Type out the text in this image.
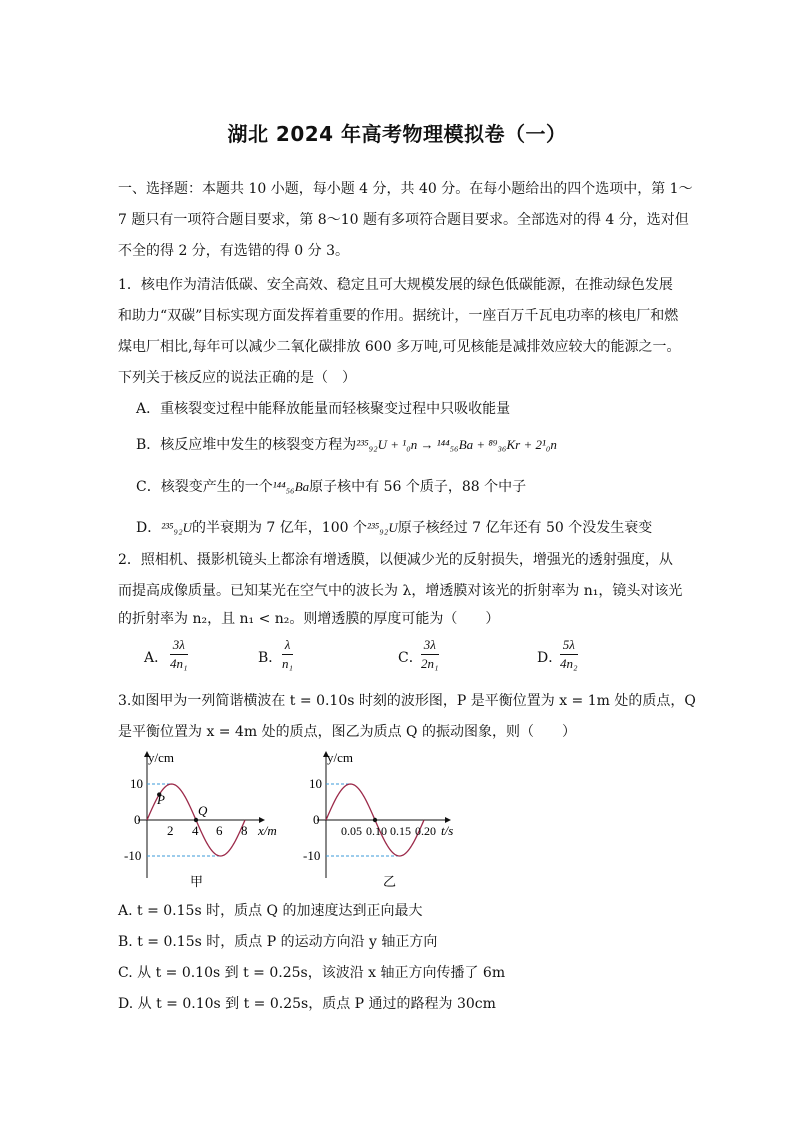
湖北 2024 年高考物理模拟卷（一）
一、选择题：本题共 10 小题，每小题 4 分，共 40 分。在每小题给出的四个选项中，第 1～
7 题只有一项符合题目要求，第 8～10 题有多项符合题目要求。全部选对的得 4 分，选对但
不全的得 2 分，有选错的得 0 分 3。
1．核电作为清洁低碳、安全高效、稳定且可大规模发展的绿色低碳能源，在推动绿色发展
和助力“双碳”目标实现方面发挥着重要的作用。据统计，一座百万千瓦电功率的核电厂和燃
煤电厂相比,每年可以减少二氧化碳排放 600 多万吨,可见核能是减排效应较大的能源之一。
下列关于核反应的说法正确的是（　）
A．重核裂变过程中能释放能量而轻核聚变过程中只吸收能量
B．核反应堆中发生的核裂变方程为²³⁵₉₂U + ¹₀n → ¹⁴⁴₅₆Ba + ⁸⁹₃₆Kr + 2¹₀n
C．核裂变产生的一个¹⁴⁴₅₆Ba原子核中有 56 个质子，88 个中子
D．²³⁵₉₂U的半衰期为 7 亿年，100 个²³⁵₉₂U原子核经过 7 亿年还有 50 个没发生衰变
2．照相机、摄影机镜头上都涂有增透膜，以便减少光的反射损失，增强光的透射强度，从
而提高成像质量。已知某光在空气中的波长为 λ，增透膜对该光的折射率为 n₁，镜头对该光
的折射率为 n₂，且 n₁ < n₂。则增透膜的厚度可能为（　　）
A． $\frac{3\lambda}{\text{4n₁}}$	B． $\frac{\lambda}{\text{n₁}}$	C．
$\frac{3\lambda}{\text{2n₁}}$	D．
$\frac{5\lambda}{\text{4n₂}}$
3.如图甲为一列简谐横波在 t = 0.10s 时刻的波形图，P 是平衡位置为 x = 1m 处的质点，Q
是平衡位置为 x = 4m 处的质点，图乙为质点 Q 的振动图象，则（　　）
y/cm
10
0
-10
2 4 6 8 x/m
P
Q
甲
y/cm
10
0
-10
0.05 0.10 0.15 0.20 t/s
乙
A. t = 0.15s 时，质点 Q 的加速度达到正向最大
B. t = 0.15s 时，质点 P 的运动方向沿 y 轴正方向
C. 从 t = 0.10s 到 t = 0.25s，该波沿 x 轴正方向传播了 6m
D. 从 t = 0.10s 到 t = 0.25s，质点 P 通过的路程为 30cm
